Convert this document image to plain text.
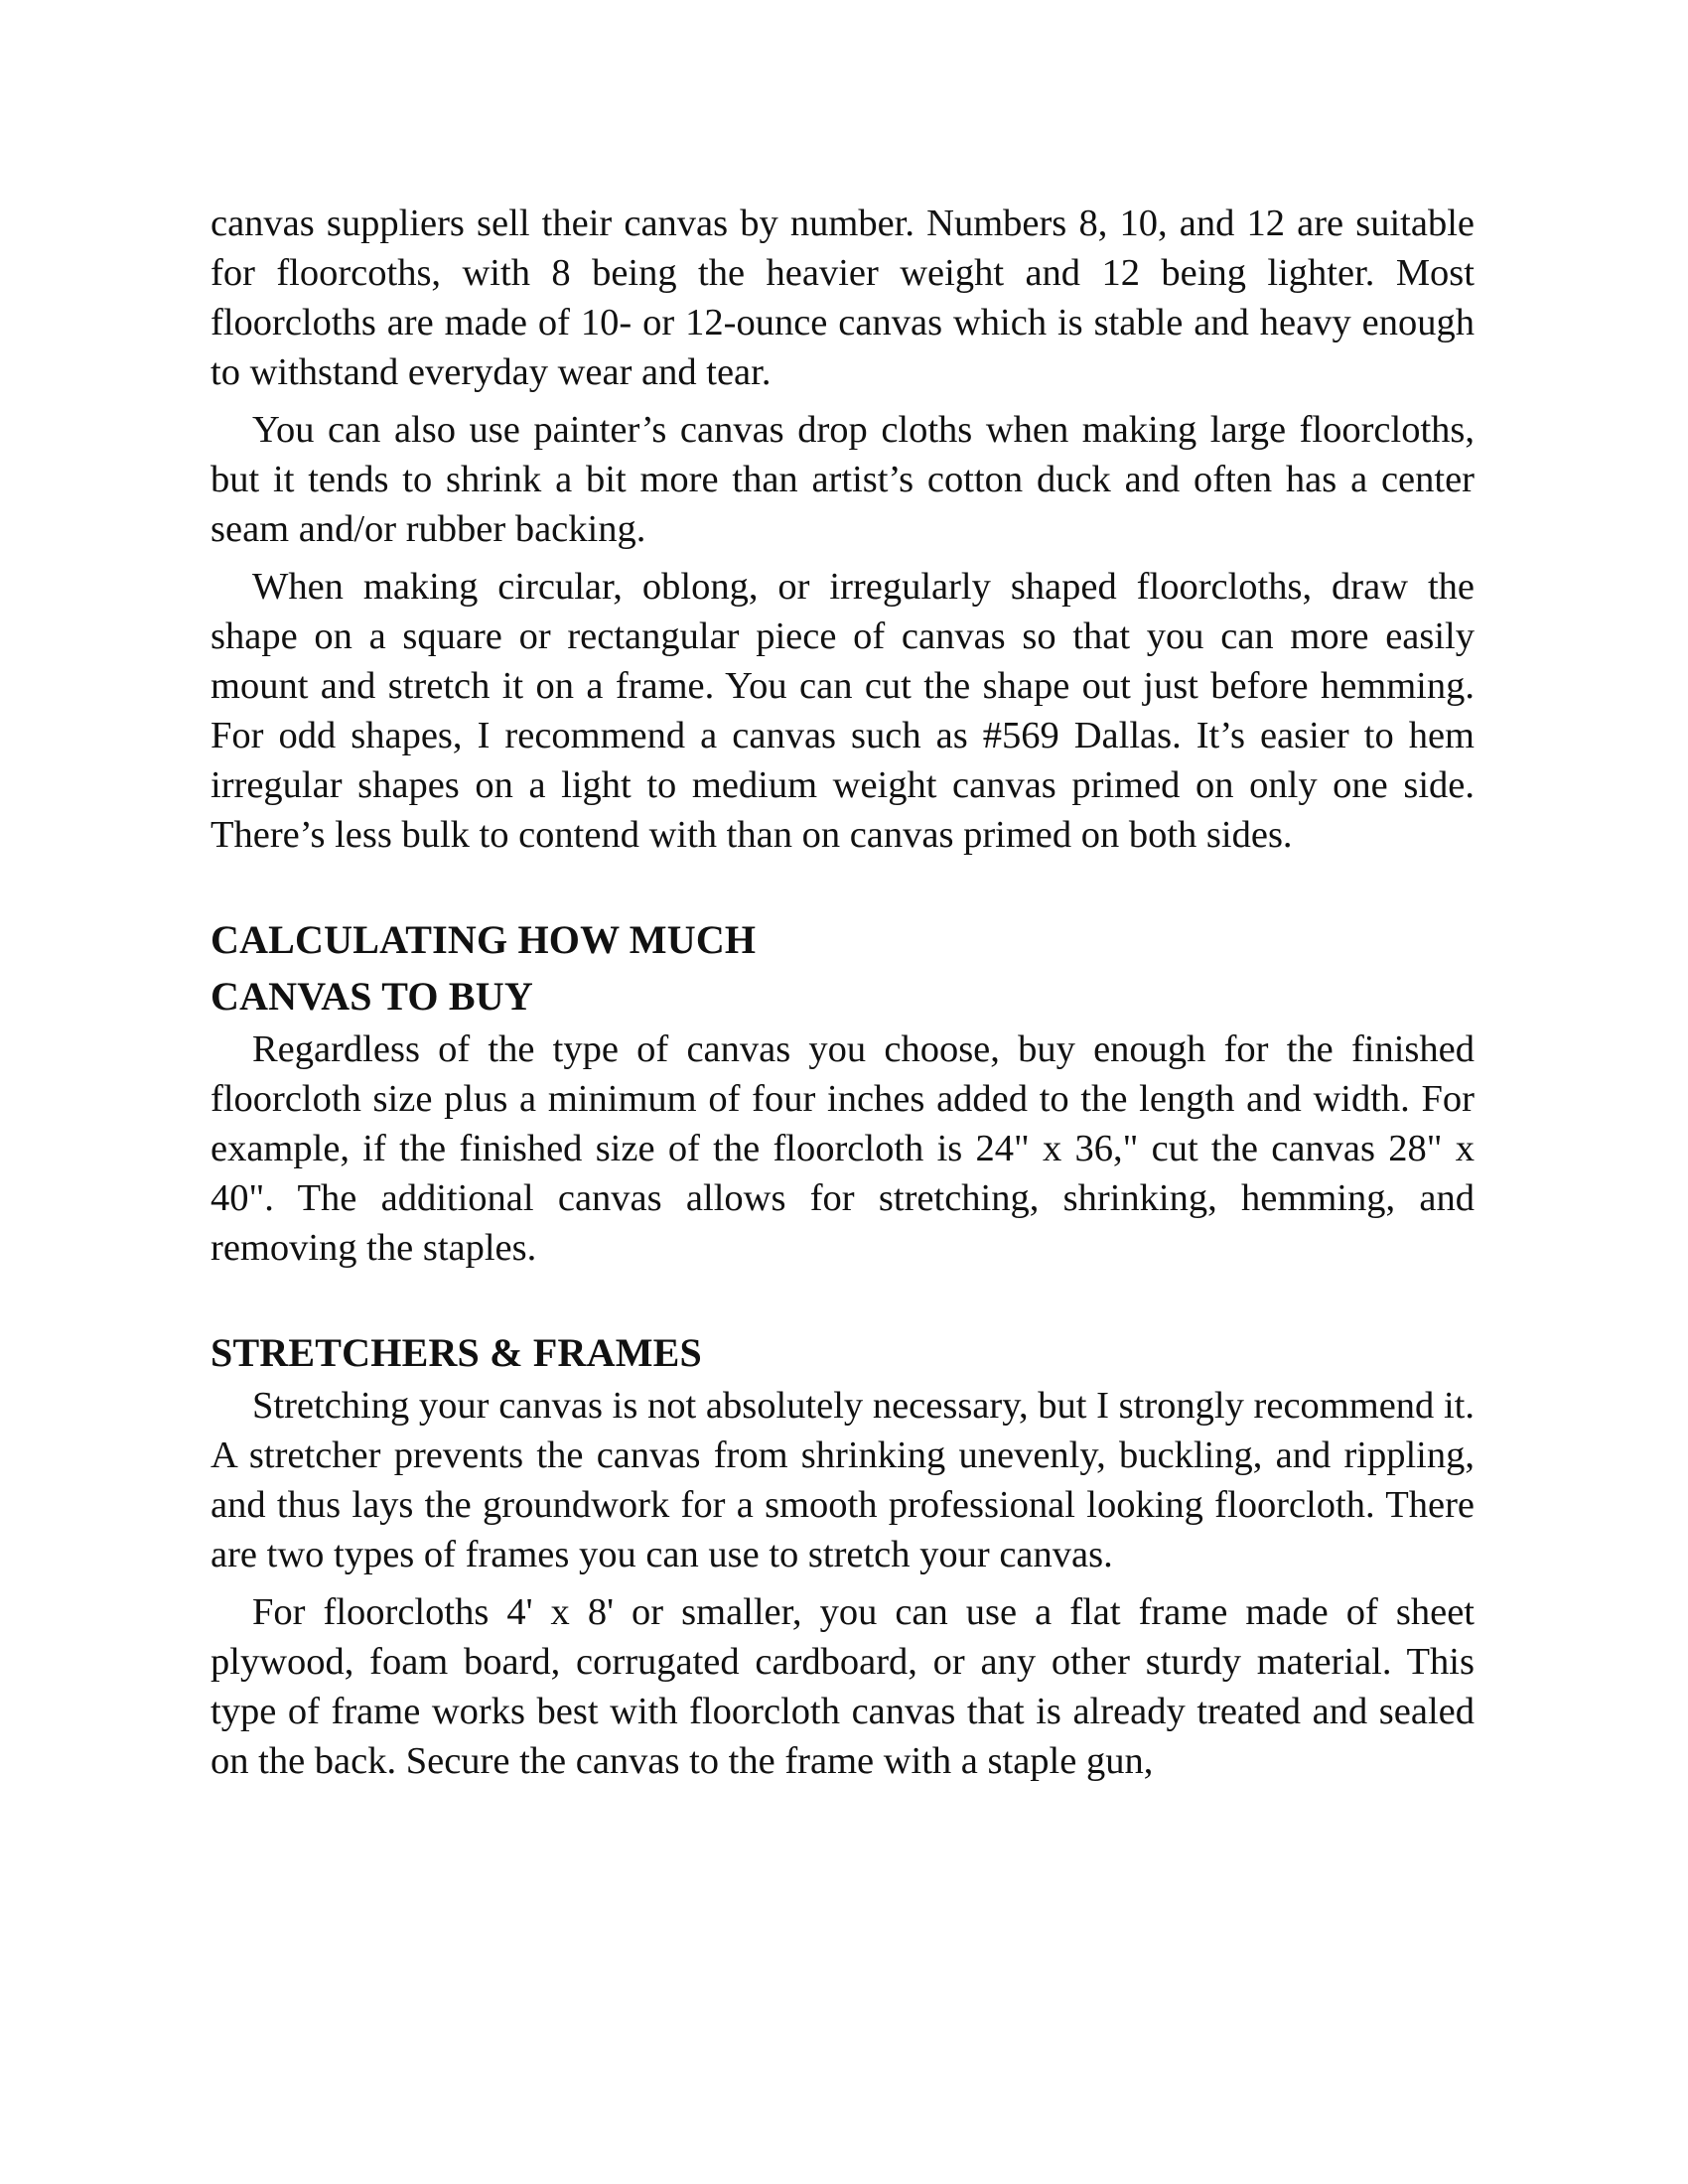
canvas suppliers sell their canvas by number. Numbers 8, 10, and 12 are suitable for floorcoths, with 8 being the heavier weight and 12 being lighter. Most floorcloths are made of 10- or 12-ounce canvas which is stable and heavy enough to withstand everyday wear and tear.

You can also use painter’s canvas drop cloths when making large floorcloths, but it tends to shrink a bit more than artist’s cotton duck and often has a center seam and/or rubber backing.

When making circular, oblong, or irregularly shaped floorcloths, draw the shape on a square or rectangular piece of canvas so that you can more easily mount and stretch it on a frame. You can cut the shape out just before hemming. For odd shapes, I recommend a canvas such as #569 Dallas. It’s easier to hem irregular shapes on a light to medium weight canvas primed on only one side. There’s less bulk to contend with than on canvas primed on both sides.

CALCULATING HOW MUCH
CANVAS TO BUY

Regardless of the type of canvas you choose, buy enough for the finished floorcloth size plus a minimum of four inches added to the length and width. For example, if the finished size of the floorcloth is 24" x 36," cut the canvas 28" x 40". The additional canvas allows for stretching, shrinking, hemming, and removing the staples.

STRETCHERS & FRAMES

Stretching your canvas is not absolutely necessary, but I strongly recommend it. A stretcher prevents the canvas from shrinking unevenly, buckling, and rippling, and thus lays the groundwork for a smooth professional looking floorcloth. There are two types of frames you can use to stretch your canvas.

For floorcloths 4' x 8' or smaller, you can use a flat frame made of sheet plywood, foam board, corrugated cardboard, or any other sturdy material. This type of frame works best with floorcloth canvas that is already treated and sealed on the back. Secure the canvas to the frame with a staple gun,
